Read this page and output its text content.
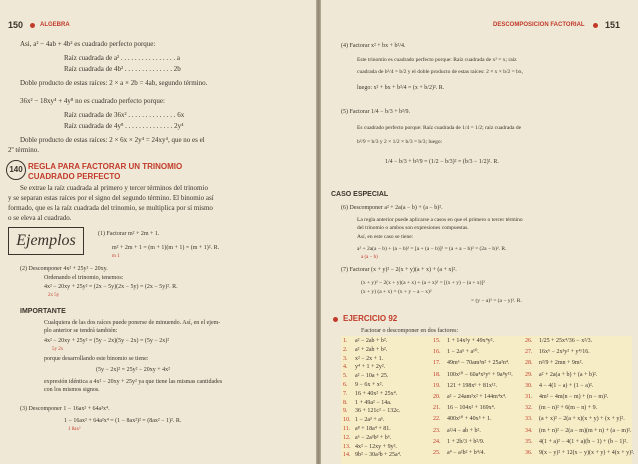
150	ALGEBRA
Asi, a² − 4ab + 4b² es cuadrado perfecto porque:
Raíz cuadrada de a² . . . . . . . . . . . . . . . . a
Raíz cuadrada de 4b² . . . . . . . . . . . . . . 2b
Doble producto de estas raíces: 2 × a × 2b = 4ab, segundo término.
36x² − 18xy⁴ + 4y⁸ no es cuadrado perfecto porque:
Raíz cuadrada de 36x² . . . . . . . . . . . . . . 6x
Raíz cuadrada de 4y⁸ . . . . . . . . . . . . . . 2y⁴
Doble producto de estas raíces: 2 × 6x × 2y⁴ = 24xy⁴, que no es el
2º término.
140 REGLA PARA FACTORAR UN TRINOMIO
CUADRADO PERFECTO
Se extrae la raíz cuadrada al primero y tercer términos del trinomio
y se separan estas raíces por el signo del segundo término. El binomio así
formado, que es la raíz cuadrada del trinomio, se multiplica por sí mismo
o se eleva al cuadrado.
Ejemplos	(1) Factorar m² + 2m + 1.
m² + 2m + 1 = (m + 1)(m + 1) = (m + 1)². R.
m 1
(2) Descomponer 4x² + 25y² − 20xy.
Ordenando el trinomio, tenemos:
4x² − 20xy + 25y² = (2x − 5y)(2x − 5y) = (2x − 5y)². R.
2x 5y
IMPORTANTE
Cualquiera de las dos raíces puede ponerse de minuendo. Así, en el ejem-
plo anterior se tendrá también:
4x² − 20xy + 25y² = (5y − 2x)(5y − 2x) = (5y − 2x)²
5y 2x
porque desarrollando este binomio se tiene:
(5y − 2x)² = 25y² − 20xy + 4x²
expresión idéntica a 4x² − 20xy + 25y² ya que tiene las mismas cantidades
con los mismos signos.
(3) Descomponer 1 − 16ax² + 64a²x⁴.
1 − 16ax² + 64a²x⁴ = (1 − 8ax²)² = (8ax² − 1)². R.
1 8ax²
DESCOMPOSICION FACTORIAL 151
(4) Factorar x² + bx + b²/4.
Este trinomio es cuadrado perfecto porque: Raíz cuadrada de x² = x; raíz
cuadrada de b²/4 = b/2 y el doble producto de estas raíces: 2 × x × b/2 = bx,
luego: x² + bx + b²/4 = (x + b/2)². R.
(5) Factorar 1/4 − b/3 + b²/9.
Es cuadrado perfecto porque: Raíz cuadrada de 1/4 = 1/2; raíz cuadrada de
b²/9 = b/3 y 2 × 1/2 × b/3 = b/3; luego:
1/4 − b/3 + b²/9 = (1/2 − b/3)² = (b/3 − 1/2)². R.
CASO ESPECIAL
(6) Descomponer a² + 2a(a − b) + (a − b)².
La regla anterior puede aplicarse a casos en que el primero o tercer término
del trinomio o ambos son expresiones compuestas.
Así, en este caso se tiene:
a² + 2a(a − b) + (a − b)² = [a + (a − b)]² = (a + a − b)² = (2a − b)². R.
a (a − b)
(7) Factorar (x + y)² − 2(x + y)(a + x) + (a + x)².
(x + y)² − 2(x + y)(a + x) + (a + x)² = [(x + y) − (a + x)]²
(x + y) (a + x) = (x + y − a − x)²
= (y − a)² = (a − y)². R.
EJERCICIO 92
Factorar o descomponer en dos factores:
1. a² − 2ab + b².
2. a² + 2ab + b².
3. x² − 2x + 1.
4. y⁴ + 1 + 2y².
5. a² − 10a + 25.
6. 9 − 6x + x².
7. 16 + 40x² + 25x⁴.
8. 1 + 49a² − 14a.
9. 36 + 121c² − 132c.
10. 1 − 2a³ + a⁶.
11. a⁸ + 18a⁴ + 81.
12. a⁶ − 2a³b³ + b⁶.
13. 4x² − 12xy + 9y².
14. 9b² − 30a²b + 25a⁴.
15. 1 + 14x²y + 49x⁴y².
16. 1 − 2a⁵ + a¹⁰.
17. 49m⁶ − 70am³n² + 25a²n⁴.
18. 100x¹⁰ − 60a⁴x⁵y⁶ + 9a⁸y¹².
19. 121 + 198x⁶ + 81x¹².
20. a² − 24am²x² + 144m⁴x⁴.
21. 16 − 104x² + 169x⁴.
22. 400x¹⁰ + 40x⁵ + 1.
23. a²/4 − ab + b².
24. 1 + 2b/3 + b²/9.
25. a⁴ − a²b² + b⁴/4.
26. 1/25 + 25x⁴/36 − x²/3.
27. 16x⁶ − 2x³y² + y⁴/16.
28. n²/9 + 2mn + 9m².
29. a² + 2a(a + b) + (a + b)².
30. 4 − 4(1 − a) + (1 − a)².
31. 4m² − 4m(n − m) + (n − m)².
32. (m − n)² + 6(m − n) + 9.
33. (a + x)² − 2(a + x)(x + y) + (x + y)².
34. (m + n)² − 2(a − m)(m + n) + (a − m)².
35. 4(1 + a)² − 4(1 + a)(b − 1) + (b − 1)².
36. 9(x − y)² + 12(x − y)(x + y) + 4(x + y)².
